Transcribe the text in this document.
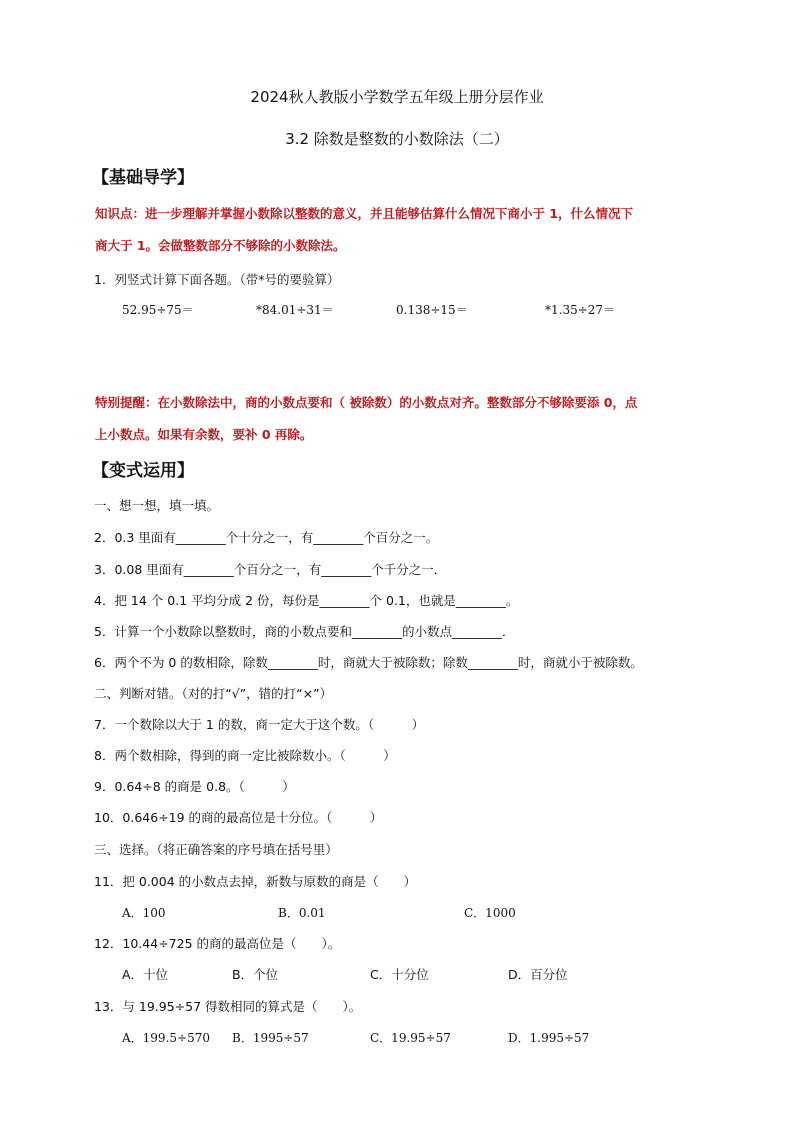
2024秋人教版小学数学五年级上册分层作业
3.2 除数是整数的小数除法（二）
【基础导学】
知识点：进一步理解并掌握小数除以整数的意义，并且能够估算什么情况下商小于 1，什么情况下
商大于 1。会做整数部分不够除的小数除法。
1．列竖式计算下面各题。（带*号的要验算）
52.95÷75＝	*84.01÷31＝	0.138÷15＝	*1.35÷27＝
特别提醒：在小数除法中，商的小数点要和（ 被除数）的小数点对齐。整数部分不够除要添 0，点
上小数点。如果有余数，要补 0 再除。
【变式运用】
一、想一想，填一填。
2．0.3 里面有________个十分之一，有________个百分之一。
3．0.08 里面有________个百分之一，有________个千分之一．
4．把 14 个 0.1 平均分成 2 份，每份是________个 0.1，也就是________。
5．计算一个小数除以整数时，商的小数点要和________的小数点________．
6．两个不为 0 的数相除，除数________时，商就大于被除数；除数________时，商就小于被除数。
二、判断对错。（对的打“√”，错的打“×”）
7．一个数除以大于 1 的数，商一定大于这个数。（　　　）
8．两个数相除，得到的商一定比被除数小。（　　　）
9．0.64÷8 的商是 0.8。（　　　）
10．0.646÷19 的商的最高位是十分位。（　　　）
三、选择。（将正确答案的序号填在括号里）
11．把 0.004 的小数点去掉，新数与原数的商是（　　）
A．100	B．0.01	C．1000
12．10.44÷725 的商的最高位是（　　）。
A．十位	B．个位	C．十分位	D．百分位
13．与 19.95÷57 得数相同的算式是（　　）。
A．199.5÷570 B．1995÷57	C．19.95÷57	D．1.995÷57
